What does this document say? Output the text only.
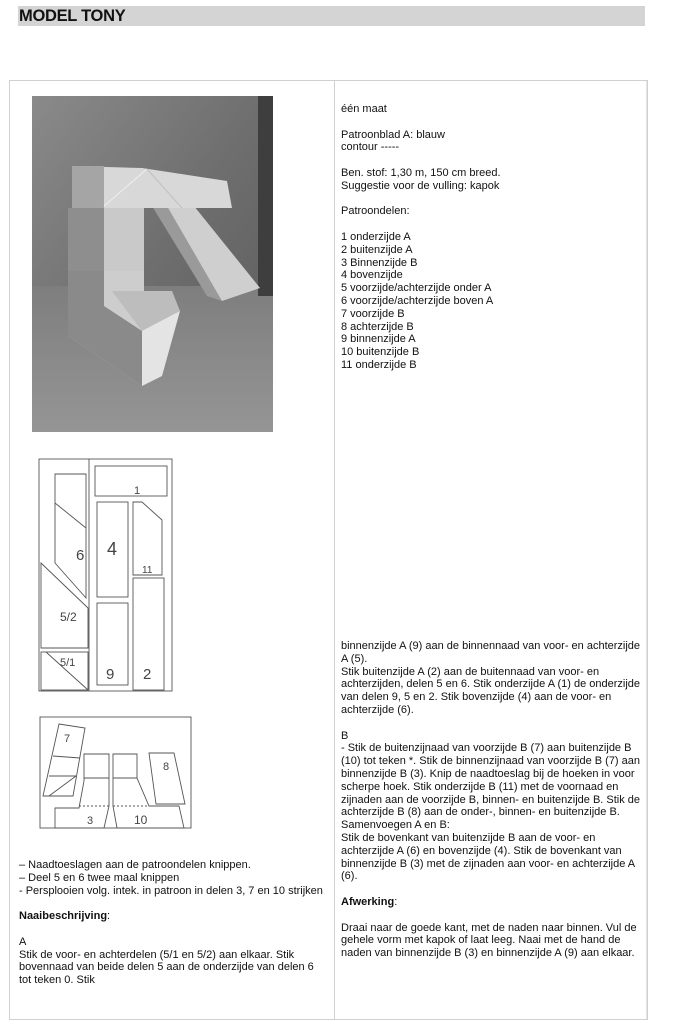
MODEL TONY
1
6 4
11
5/2
5/1
9 2
7
3	10
8

– Naadtoeslagen aan de patroondelen knippen.

– Deel 5 en 6 twee maal knippen

- Persplooien volg. intek. in patroon in delen 3, 7 en 10 strijken

Naaibeschrijving:

A

Stik de voor- en achterdelen (5/1 en 5/2) aan elkaar. Stik bovennaad van beide delen 5 aan de onderzijde van delen 6 tot teken 0. Stik

één maat

Patroonblad A: blauw

contour -----

Ben. stof: 1,30 m, 150 cm breed.

Suggestie voor de vulling: kapok

Patroondelen:

1 onderzijde A

2 buitenzijde A

3 Binnenzijde B

4 bovenzijde

5 voorzijde/achterzijde onder A

6 voorzijde/achterzijde boven A

7 voorzijde B

8 achterzijde B

9 binnenzijde A

10 buitenzijde B

11 onderzijde B

binnenzijde A (9) aan de binnennaad van voor- en achterzijde A (5).

Stik buitenzijde A (2) aan de buitennaad van voor- en achterzijden, delen 5 en 6. Stik onderzijde A (1) de onderzijde van delen 9, 5 en 2. Stik bovenzijde (4) aan de voor- en achterzijde (6).

B

- Stik de buitenzijnaad van voorzijde B (7) aan buitenzijde B (10) tot teken *. Stik de binnenzijnaad van voorzijde B (7) aan binnenzijde B (3). Knip de naadtoeslag bij de hoeken in voor scherpe hoek. Stik onderzijde B (11) met de voornaad en zijnaden aan de voorzijde B, binnen- en buitenzijde B. Stik de achterzijde B (8) aan de onder-, binnen- en buitenzijde B.

Samenvoegen A en B:

Stik de bovenkant van buitenzijde B aan de voor- en achterzijde A (6) en bovenzijde (4). Stik de bovenkant van binnenzijde B (3) met de zijnaden aan voor- en achterzijde A (6).

Afwerking:

Draai naar de goede kant, met de naden naar binnen. Vul de gehele vorm met kapok of laat leeg. Naai met de hand de naden van binnenzijde B (3) en binnenzijde A (9) aan elkaar.
